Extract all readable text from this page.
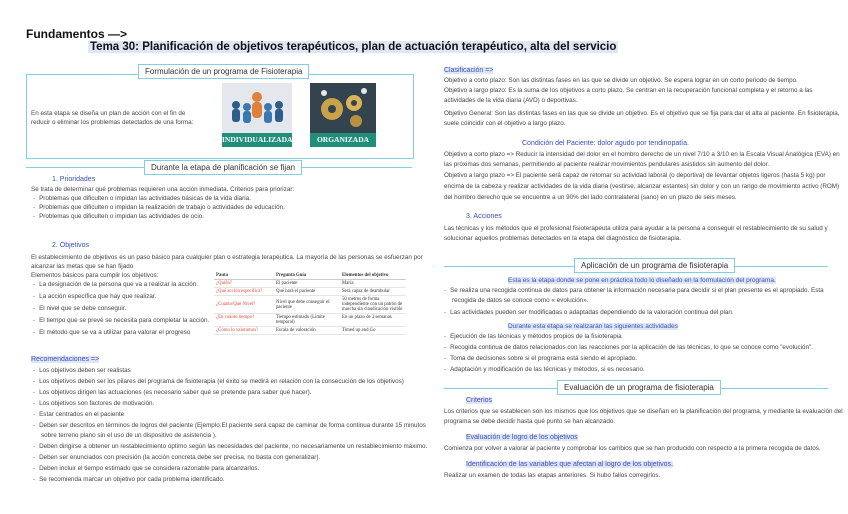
Fundamentos —>
Tema 30: Planificación de objetivos terapéuticos, plan de actuación terapéutico, alta del servicio
Formulación de un programa de Fisioterapia
En esta etapa se diseña un plan de acción con el fin de
reducir o eliminar los problemas detectados de una forma:
INDIVIDUALIZADA	ORGANIZADA
Durante la etapa de planificación se fijan
1. Prioridades
Se trata de determinar qué problemas requieren una acción inmediata. Criterios para priorizar:
- Problemas que dificulten o impidan las actividades básicas de la vida diaria.
- Problemas que dificulten o impidan la realización de trabajo o actividades de educación.
- Problemas que dificulten o impidan las actividades de ocio.
2. Objetivos
El establecimiento de objetivos es un paso básico para cualquier plan o estrategia terapéutica. La mayoría de las personas se esfuerzan por
alcanzar las metas que se han fijado
Elementos básicos para cumplir los objetivos:
- La designación de la persona que va a realizar la acción.
- La acción específica que hay que realizar.
- El nivel que se debe conseguir.
- El tiempo que se prevé se necesita para completar la acción.
- El método que se va a utilizar para valorar el progreso
Pauta	Pregunta Guía	Elementos del objetivo
¿Quién?	El paciente	María
¿Qué acción específica?	Qué hará el paciente	Será capaz de deambular
¿Cuánto/Qué Nivel?	Nivel que debe conseguir el paciente	50 metros de forma independiente con un patrón de marcha sin claudicación visible
¿En cuánto tiempo?	Tiempo estimado (Límite temporal)	En un plazo de 3 semanas
¿Cómo lo valoramos?	Escala de valoración	Timed up and Go
Recomendaciones =>
- Los objetivos deben ser realistas
- Los objetivos deben ser los pilares del programa de fisioterapia (el éxito se medirá en relación con la consecución de los objetivos)
- Los objetivos dirigen las actuaciones (es necesario saber qué se pretende para saber qué hacer).
- Los objetivos son factores de motivación.
- Estar centrados en el paciente
- Deben ser descritos en términos de logros del paciente (Ejemplo:El paciente será capaz de caminar de forma continua durante 15 minutos
sobre terreno plano sin el uso de un dispositivo de asistencia ).
- Deben dirigirse a obtener un restablecimiento óptimo según las necesidades del paciente, no necesariamente un restablecimiento máximo.
- Deben ser enunciados con precisión (la acción concreta debe ser precisa, no basta con generalizar).
- Deben incluir el tiempo estimado que se considera razonable para alcanzarlos.
- Se recomienda marcar un objetivo por cada problema identificado.
Clasificación =>
Objetivo a corto plazo: Son las distintas fases en las que se divide un objetivo. Se espera lograr en un corto periodo de tiempo.
Objetivo a largo plazo: Es la suma de los objetivos a corto plazo. Se centran en la recuperación funcional completa y el retorno a las
actividades de la vida diaria (AVD) o deportivas.
Objetivo General: Son las distintas fases en las que se divide un objetivo. Es el objetivo que se fija para dar el alta al paciente. En fisioterapia,
suele coincidir con el objetivo a largo plazo.
Condición del Paciente: dolor agudo por tendinopatía.
Objetivo a corto plazo => Reducir la intensidad del dolor en el hombro derecho de un nivel 7/10 a 3/10 en la Escala Visual Analógica (EVA) en
las próximas dos semanas, permitiendo al paciente realizar movimientos pendulares asistidos sin aumento del dolor.
Objetivo a largo plazo => El paciente será capaz de retomar su actividad laboral (o deportiva) de levantar objetos ligeros (hasta 5 kg) por
encima de la cabeza y realizar actividades de la vida diaria (vestirse, alcanzar estantes) sin dolor y con un rango de movimiento activo (ROM)
del hombro derecho que se encuentre a un 90% del lado contralateral (sano) en un plazo de seis meses.
3. Acciones
Las técnicas y los métodos que el profesional fisioterapeuta utiliza para ayudar a la persona a conseguir el restablecimiento de su salud y
solucionar aquellos problemas detectados en la etapa del diagnóstico de fisioterapia.
Aplicación de un programa de fisioterapia
Esta es la etapa donde se pone en práctica todo lo diseñado en la formulación del programa.
- Se realiza una recogida continua de datos para obtener la información necesaria para decidir si el plan presente es el apropiado. Esta
recogida de datos se conoce como « evolución».
- Las actividades pueden ser modificadas o adaptadas dependiendo de la valoración continua del plan.
Durante esta etapa se realizarán las siguientes actividades
- Ejecución de las técnicas y métodos propios de la fisioterapia
- Recogida continua de datos relacionados con las reacciones por la aplicación de las técnicas, lo que se conoce como "evolución".
- Toma de decisiones sobre si el programa está siendo el apropiado.
- Adaptación y modificación de las técnicas y métodos, si es necesario.
Evaluación de un programa de fisioterapia
Criterios
Los criterios que se establecen son los mismos que los objetivos que se diseñan en la planificación del programa, y mediante la evaluación del
programa se debe decidir hasta qué punto se han alcanzado.
Evaluación de logro de los objetivos
Comienza por volver a valorar al paciente y comprobar los cambios que se han producido con respecto a la primera recogida de datos.
Identificación de las variables que afectan al logro de los objetivos.
Realizar un examen de todas las etapas anteriores. Si hubo fallos corregirlos.
